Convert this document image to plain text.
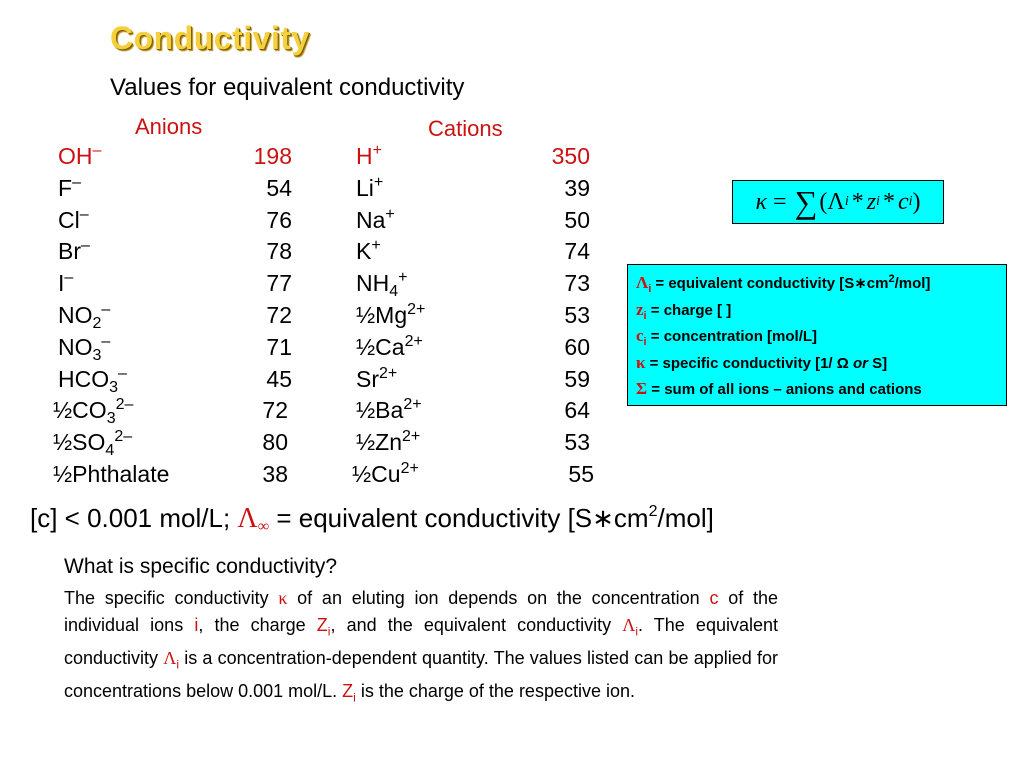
Conductivity
Values for equivalent conductivity
Anions	Cations
OH–	198
F–	54
Cl–	76
Br–	78
I–	77
$NO_2^-$	72
$NO_3^-$	71
$HCO_3^-$	45
$\frac{1}{2}CO_3^{2-}$	72
$\frac{1}{2}SO_4^{2-}$	80
½Phthalate	38
H+	350
Li+	39
Na+	50
K+	74
$NH_4^+$	73
$\frac{1}{2}Mg^{2+}$	53
$\frac{1}{2}Ca^{2+}$	60
$Sr^{2+}$	59
$\frac{1}{2}Ba^{2+}$	64
$\frac{1}{2}Zn^{2+}$	53
$\frac{1}{2}Cu^{2+}$	55
κ = ∑ ( Λ i * z i * c i )
$\Lambda_i$ = equivalent conductivity $[S∗cm^2/mol]$
$z_i$ = charge [ ]
$c_i$ = concentration [mol/L]
κ = specific conductivity [1/ Ω or S]
Σ = sum of all ions – anions and cations
[c] < 0.001 mol/L; Λ∞ = equivalent conductivity $[S∗cm^2/mol]$
What is specific conductivity?
The specific conductivity κ of an eluting ion depends on the concentration c of the individual ions i, the charge $Z_i$, and the equivalent conductivity $\Lambda_i$. The equivalent conductivity $\Lambda_i$ is a concentration-dependent quantity. The values listed can be applied for concentrations below 0.001 mol/L. $Z_i$ is the charge of the respective ion.
